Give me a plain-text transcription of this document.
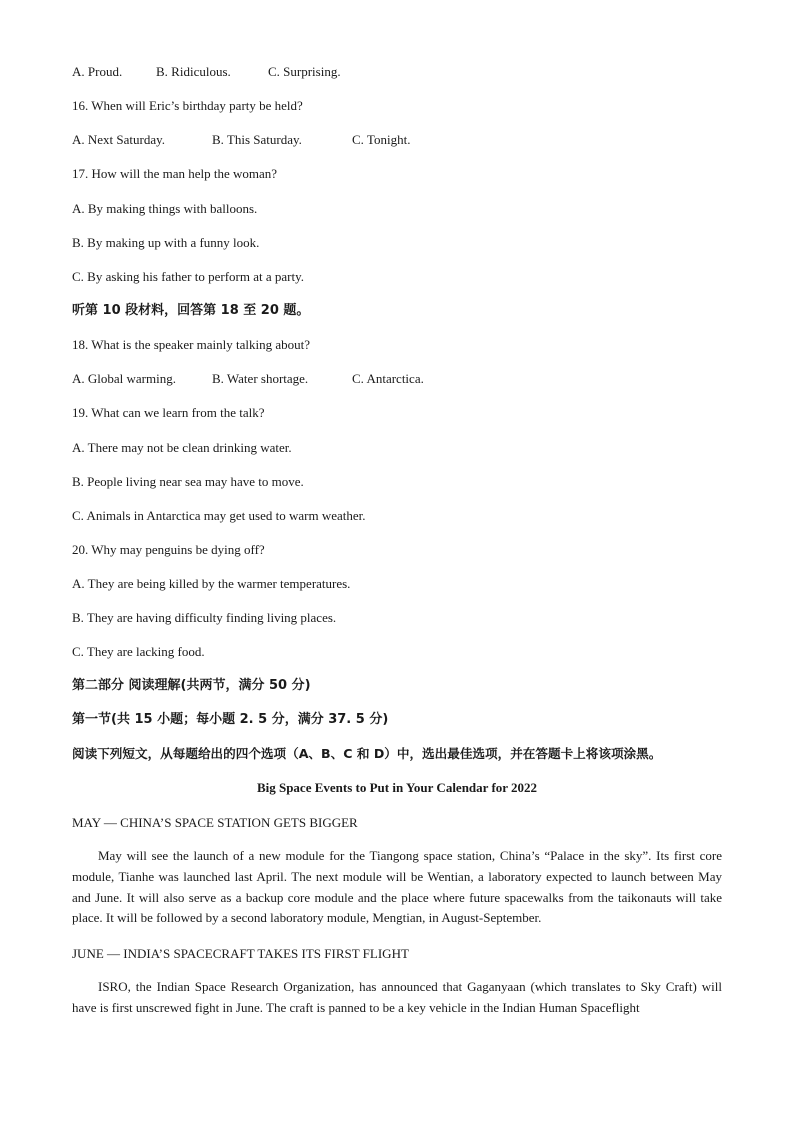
A. Proud.	B. Ridiculous.	C. Surprising.
16. When will Eric’s birthday party be held?
A. Next Saturday.	B. This Saturday.	C. Tonight.
17. How will the man help the woman?
A. By making things with balloons.
B. By making up with a funny look.
C. By asking his father to perform at a party.
听第 10 段材料，回答第 18 至 20 题。
18. What is the speaker mainly talking about?
A. Global warming.	B. Water shortage.	C. Antarctica.
19. What can we learn from the talk?
A. There may not be clean drinking water.
B. People living near sea may have to move.
C. Animals in Antarctica may get used to warm weather.
20. Why may penguins be dying off?
A. They are being killed by the warmer temperatures.
B. They are having difficulty finding living places.
C. They are lacking food.
第二部分 阅读理解(共两节，满分 50 分)
第一节(共 15 小题；每小题 2. 5 分，满分 37. 5 分)
阅读下列短文，从每题给出的四个选项（A、B、C 和 D）中，选出最佳选项，并在答题卡上将该项涂黑。
Big Space Events to Put in Your Calendar for 2022
MAY — CHINA’S SPACE STATION GETS BIGGER
May will see the launch of a new module for the Tiangong space station, China’s “Palace in the sky”. Its first core module, Tianhe was launched last April. The next module will be Wentian, a laboratory expected to launch between May and June. It will also serve as a backup core module and the place where future spacewalks from the taikonauts will take place. It will be followed by a second laboratory module, Mengtian, in August-September.
JUNE — INDIA’S SPACECRAFT TAKES ITS FIRST FLIGHT
ISRO, the Indian Space Research Organization, has announced that Gaganyaan (which translates to Sky Craft) will have is first unscrewed fight in June. The craft is panned to be a key vehicle in the Indian Human Spaceflight
